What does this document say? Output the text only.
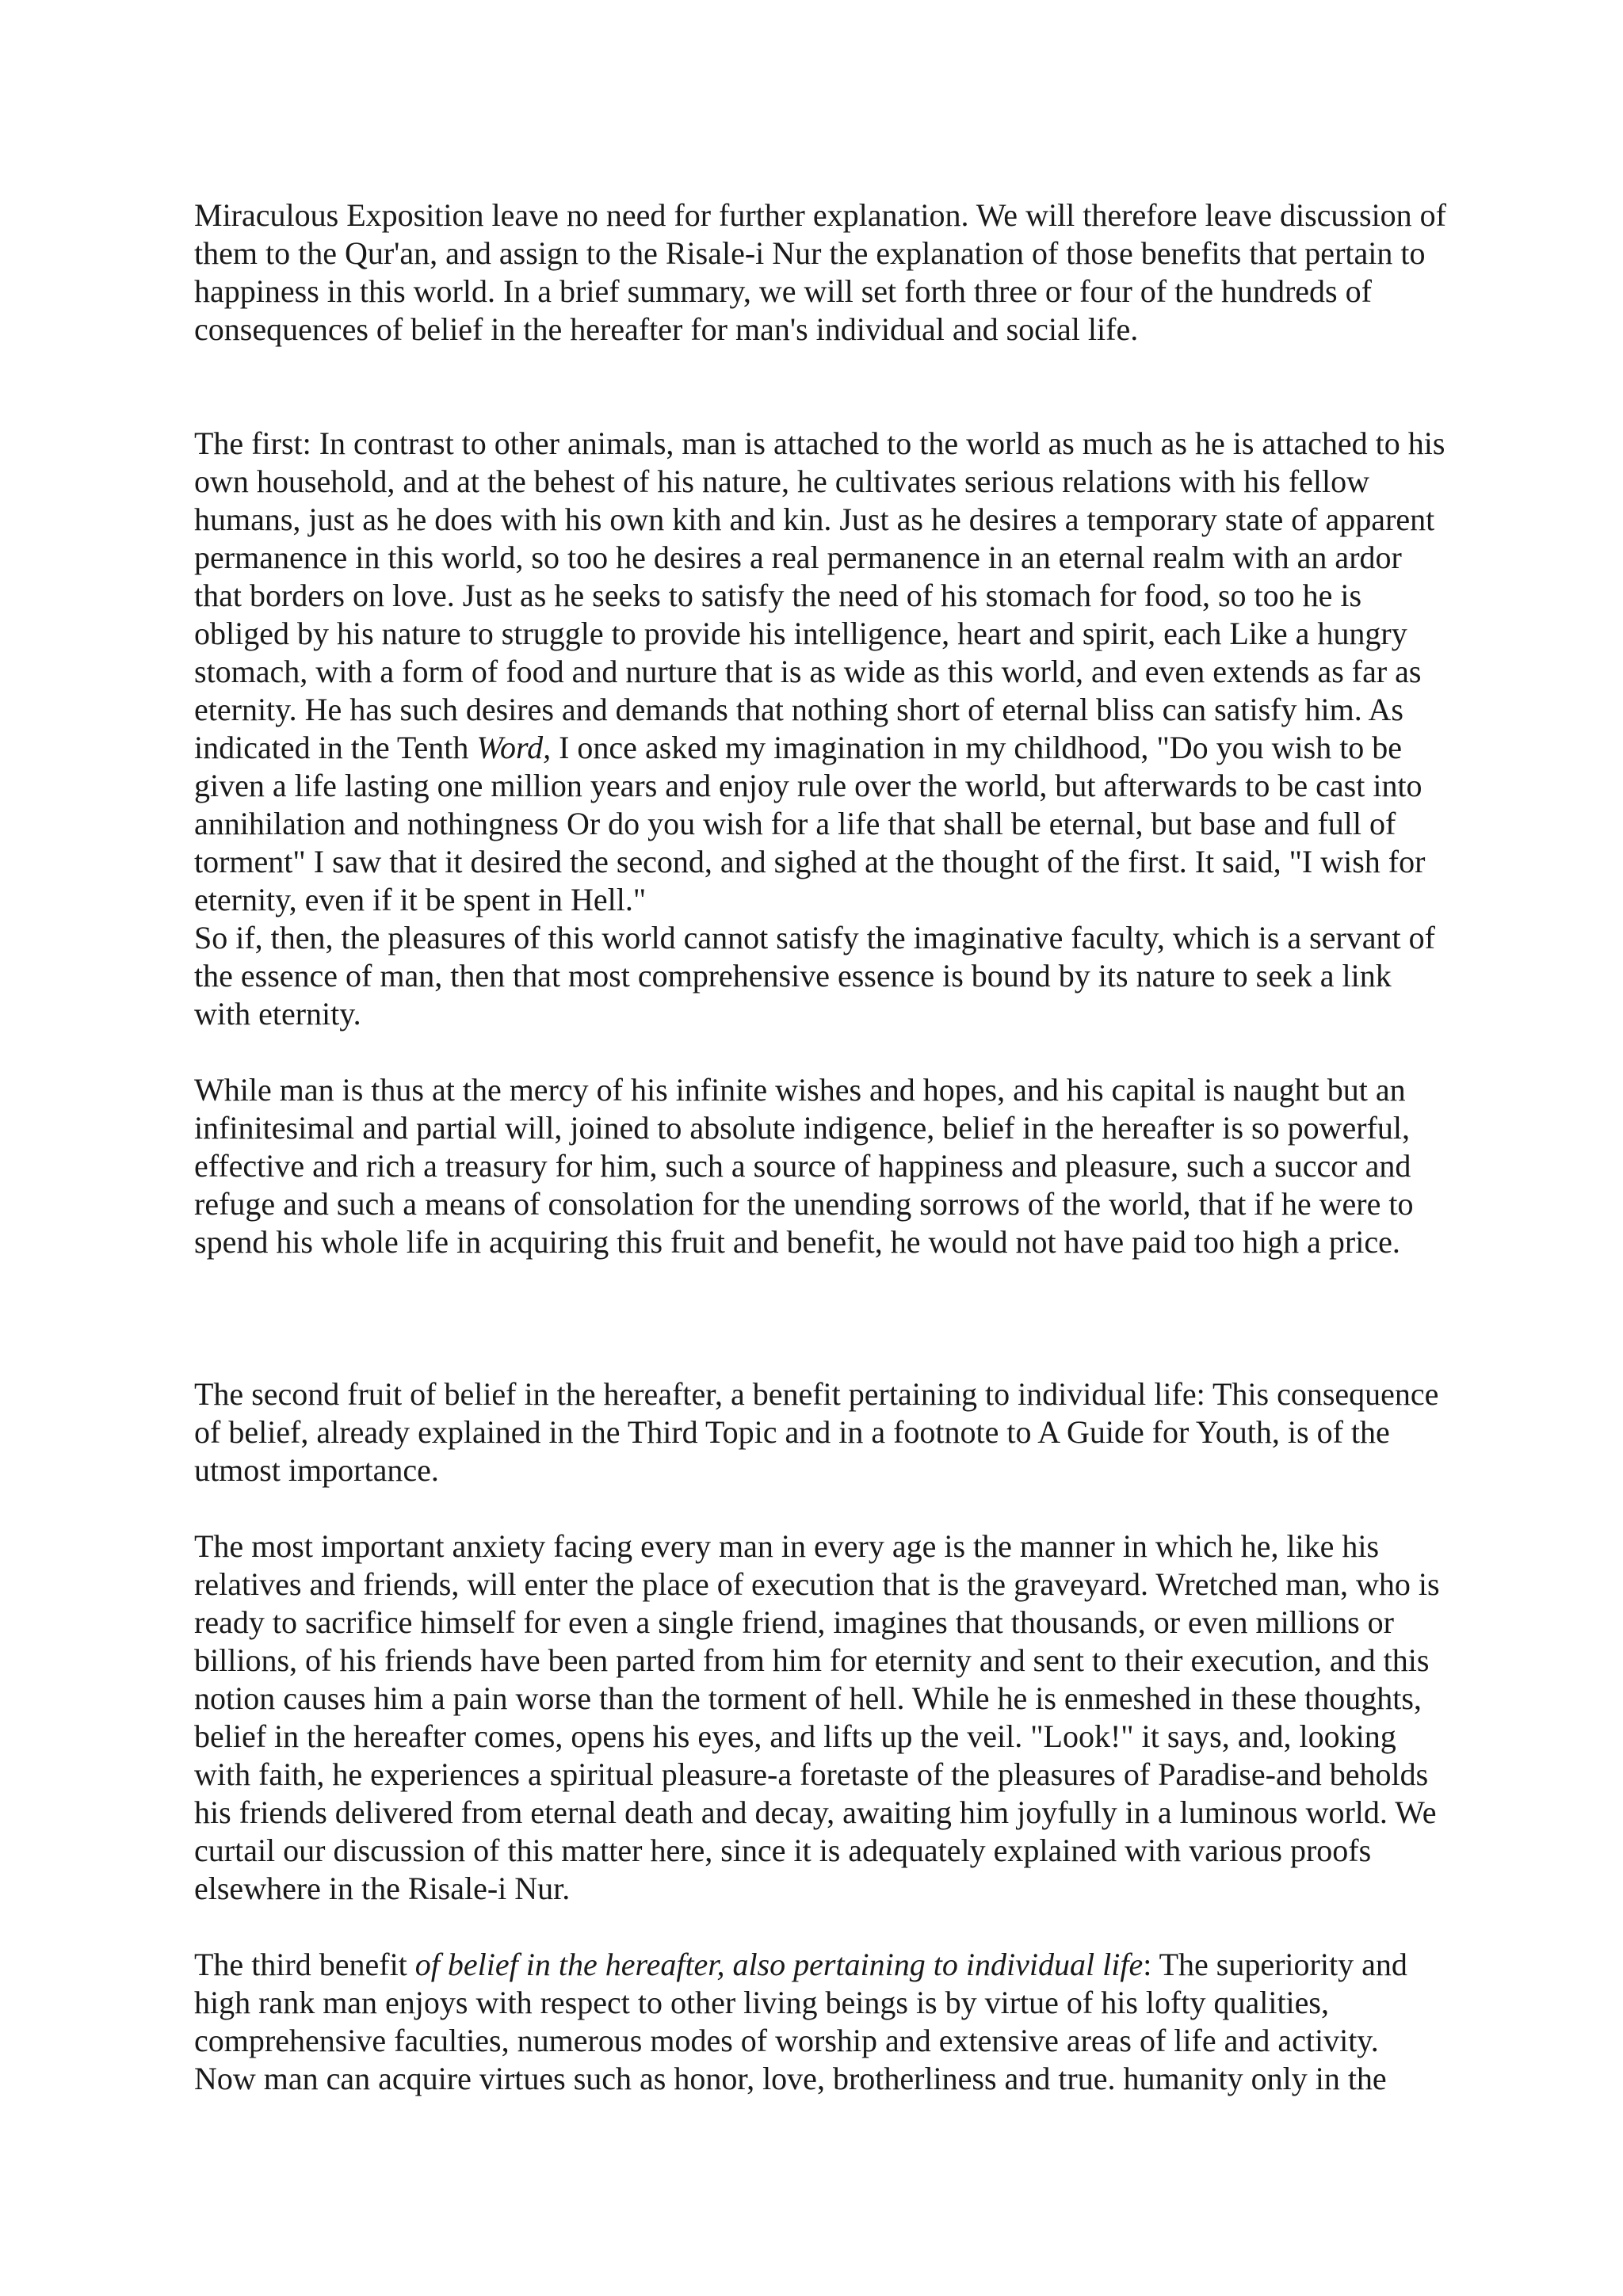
Miraculous Exposition leave no need for further explanation. We will therefore leave discussion of them to the Qur'an, and assign to the Risale-i Nur the explanation of those benefits that pertain to happiness in this world. In a brief summary, we will set forth three or four of the hundreds of consequences of belief in the hereafter for man's individual and social life.

The first: In contrast to other animals, man is attached to the world as much as he is attached to his own household, and at the behest of his nature, he cultivates serious relations with his fellow humans, just as he does with his own kith and kin. Just as he desires a temporary state of apparent permanence in this world, so too he desires a real permanence in an eternal realm with an ardor that borders on love. Just as he seeks to satisfy the need of his stomach for food, so too he is obliged by his nature to struggle to provide his intelligence, heart and spirit, each Like a hungry stomach, with a form of food and nurture that is as wide as this world, and even extends as far as eternity. He has such desires and demands that nothing short of eternal bliss can satisfy him. As indicated in the Tenth Word, I once asked my imagination in my childhood, "Do you wish to be given a life lasting one million years and enjoy rule over the world, but afterwards to be cast into annihilation and nothingness Or do you wish for a life that shall be eternal, but base and full of torment" I saw that it desired the second, and sighed at the thought of the first. It said, "I wish for eternity, even if it be spent in Hell."

So if, then, the pleasures of this world cannot satisfy the imaginative faculty, which is a servant of the essence of man, then that most comprehensive essence is bound by its nature to seek a link with eternity.

While man is thus at the mercy of his infinite wishes and hopes, and his capital is naught but an infinitesimal and partial will, joined to absolute indigence, belief in the hereafter is so powerful, effective and rich a treasury for him, such a source of happiness and pleasure, such a succor and refuge and such a means of consolation for the unending sorrows of the world, that if he were to spend his whole life in acquiring this fruit and benefit, he would not have paid too high a price.

The second fruit of belief in the hereafter, a benefit pertaining to individual life: This consequence of belief, already explained in the Third Topic and in a footnote to A Guide for Youth, is of the utmost importance.

The most important anxiety facing every man in every age is the manner in which he, like his relatives and friends, will enter the place of execution that is the graveyard. Wretched man, who is ready to sacrifice himself for even a single friend, imagines that thousands, or even millions or billions, of his friends have been parted from him for eternity and sent to their execution, and this notion causes him a pain worse than the torment of hell. While he is enmeshed in these thoughts, belief in the hereafter comes, opens his eyes, and lifts up the veil. "Look!" it says, and, looking with faith, he experiences a spiritual pleasure-a foretaste of the pleasures of Paradise-and beholds his friends delivered from eternal death and decay, awaiting him joyfully in a luminous world. We curtail our discussion of this matter here, since it is adequately explained with various proofs elsewhere in the Risale-i Nur.

The third benefit of belief in the hereafter, also pertaining to individual life: The superiority and high rank man enjoys with respect to other living beings is by virtue of his lofty qualities, comprehensive faculties, numerous modes of worship and extensive areas of life and activity. Now man can acquire virtues such as honor, love, brotherliness and true. humanity only in the
